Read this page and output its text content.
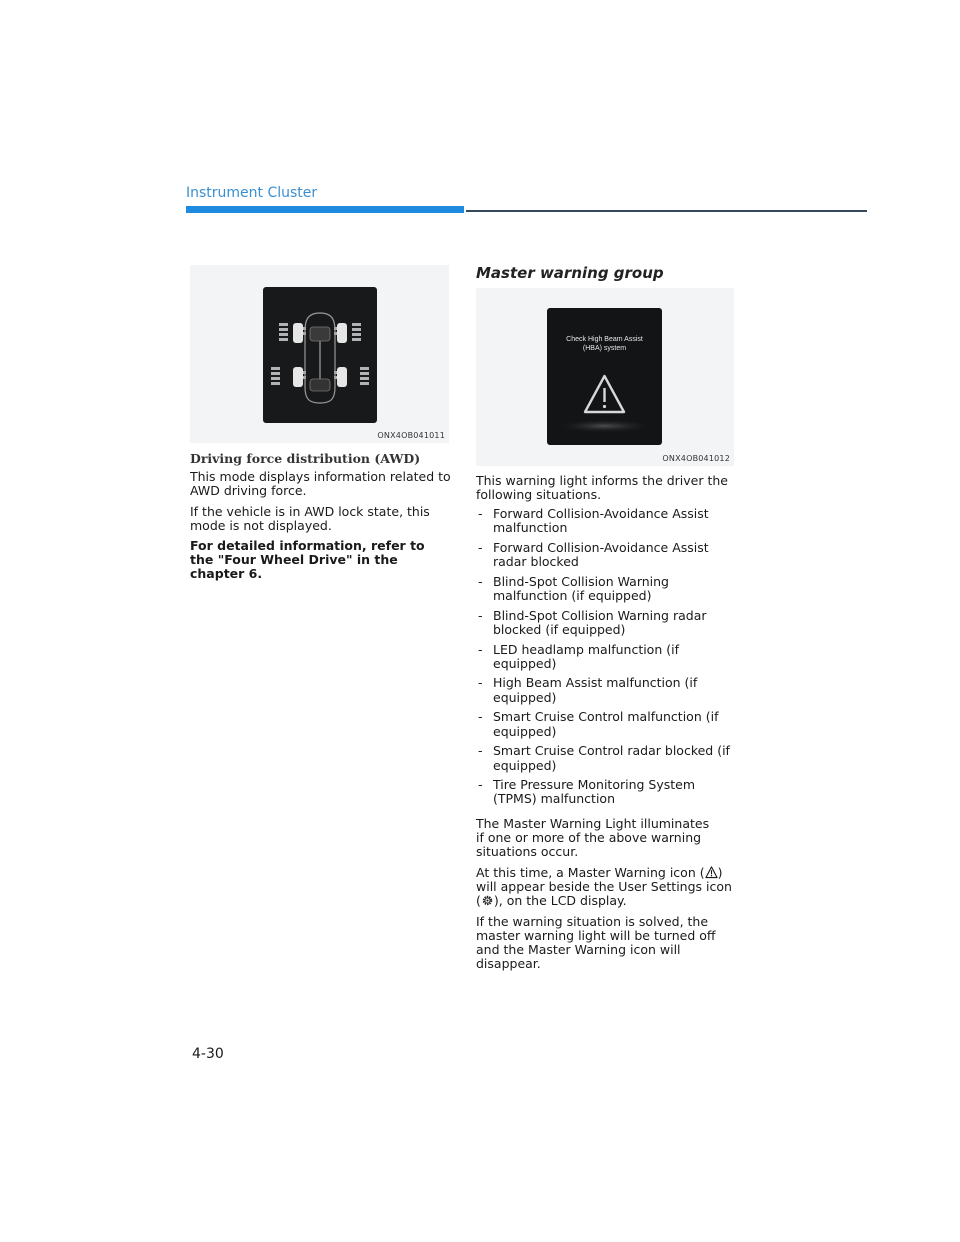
Instrument Cluster
ONX4OB041011
Driving force distribution (AWD)

This mode displays information related to AWD driving force.

If the vehicle is in AWD lock state, this mode is not displayed.

For detailed information, refer to the "Four Wheel Drive" in the chapter 6.

Master warning group
Check High Beam Assist
(HBA) system
ONX4OB041012

This warning light informs the driver the following situations.

- Forward Collision-Avoidance Assist malfunction
- Forward Collision-Avoidance Assist radar blocked
- Blind-Spot Collision Warning malfunction (if equipped)
- Blind-Spot Collision Warning radar blocked (if equipped)
- LED headlamp malfunction (if equipped)
- High Beam Assist malfunction (if equipped)
- Smart Cruise Control malfunction (if equipped)
- Smart Cruise Control radar blocked (if equipped)
- Tire Pressure Monitoring System (TPMS) malfunction

The Master Warning Light illuminates if one or more of the above warning situations occur.

At this time, a Master Warning icon ( ) will appear beside the User Settings icon ( ), on the LCD display.

If the warning situation is solved, the master warning light will be turned off and the Master Warning icon will disappear.

4-30
